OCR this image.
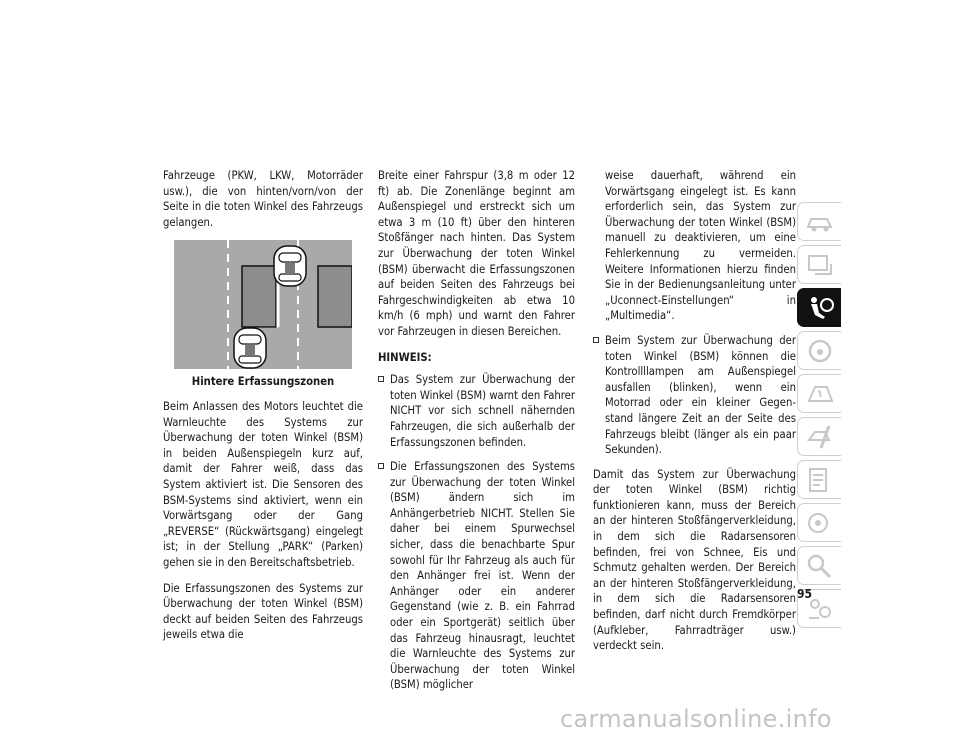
Fahrzeuge (PKW, LKW, Motorräder usw.), die von hinten/vorn/von der Seite in die toten Winkel des Fahrzeugs gelangen.

Hintere Erfassungszonen

Beim Anlassen des Motors leuchtet die Warnleuchte des Systems zur Überwachung der toten Winkel (BSM) in beiden Außenspiegeln kurz auf, damit der Fahrer weiß, dass das System aktiviert ist. Die Sensoren des BSM-Systems sind aktiviert, wenn ein Vorwärtsgang oder der Gang „REVERSE“ (Rückwärtsgang) eingelegt ist; in der Stellung „PARK“ (Parken) gehen sie in den Bereitschaftsbetrieb.

Die Erfassungszonen des Systems zur Überwachung der toten Winkel (BSM) deckt auf beiden Seiten des Fahrzeugs jeweils etwa die

Breite einer Fahrspur (3,8 m oder 12 ft) ab. Die Zonenlänge beginnt am Außenspiegel und erstreckt sich um etwa 3 m (10 ft) über den hinteren Stoßfänger nach hinten. Das System zur Überwachung der toten Winkel (BSM) überwacht die Erfassungszonen auf beiden Seiten des Fahrzeugs bei Fahrgeschwindigkeiten ab etwa 10 km/h (6 mph) und warnt den Fahrer vor Fahrzeugen in diesen Bereichen.

HINWEIS:

Das System zur Überwachung der toten Winkel (BSM) warnt den Fahrer NICHT vor sich schnell nähernden Fahrzeugen, die sich außerhalb der Erfassungszonen befinden.
Die Erfassungszonen des Systems zur Überwachung der toten Winkel (BSM) ändern sich im Anhängerbetrieb NICHT. Stellen Sie daher bei einem Spurwechsel sicher, dass die benachbarte Spur sowohl für Ihr Fahrzeug als auch für den Anhänger frei ist. Wenn der Anhänger oder ein anderer Gegenstand (wie z. B. ein Fahrrad oder ein Sportgerät) seitlich über das Fahrzeug hinausragt, leuchtet die Warnleuchte des Systems zur Überwachung der toten Winkel (BSM) möglicher
weise dauerhaft, während ein Vorwärtsgang eingelegt ist. Es kann erforderlich sein, das System zur Überwachung der toten Winkel (BSM) manuell zu deaktivieren, um eine Fehlerkennung zu vermeiden. Weitere Informationen hierzu finden Sie in der Bedienungsanleitung unter „Uconnect-Einstellungen“ in „Multimedia“.
Beim System zur Überwachung der toten Winkel (BSM) können die Kontrollllampen am Außenspiegel ausfallen (blinken), wenn ein Motorrad oder ein kleiner Gegenstand längere Zeit an der Seite des Fahrzeugs bleibt (länger als ein paar Sekunden).

Damit das System zur Überwachung der toten Winkel (BSM) richtig funktionieren kann, muss der Bereich an der hinteren Stoßfängerverkleidung, in dem sich die Radarsensoren befinden, frei von Schnee, Eis und Schmutz gehalten werden. Der Bereich an der hinteren Stoßfängerverkleidung, in dem sich die Radarsensoren befinden, darf nicht durch Fremdkörper (Aufkleber, Fahrradträger usw.) verdeckt sein.

95
carmanualsonline.info
